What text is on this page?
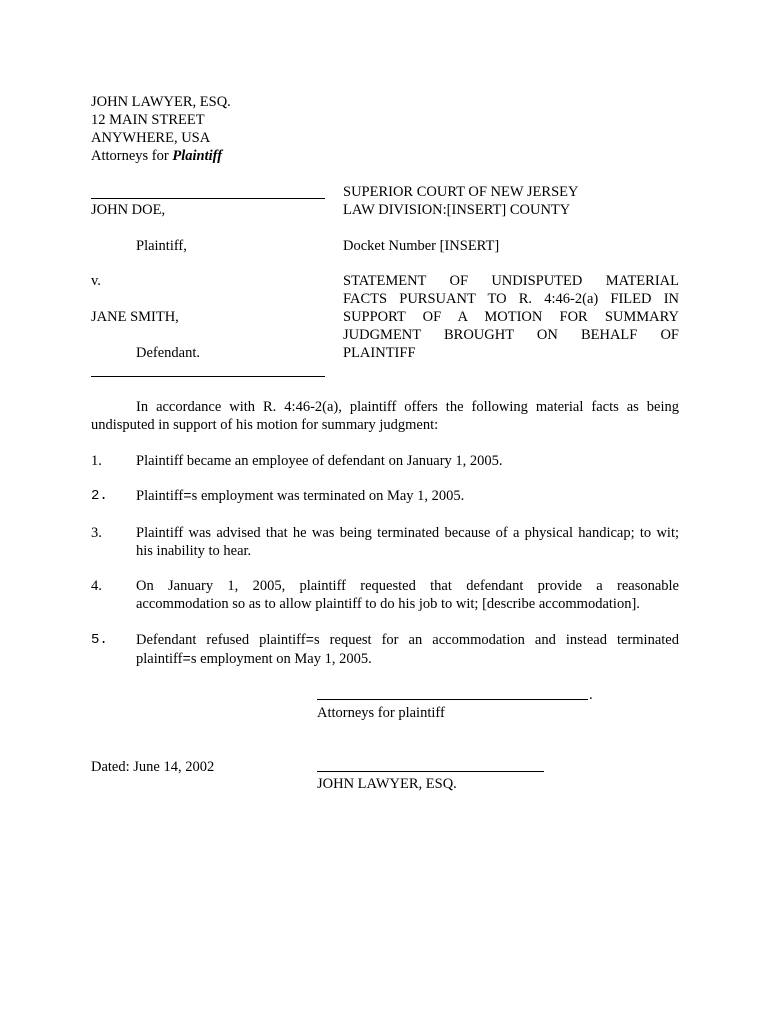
JOHN LAWYER, ESQ.
12 MAIN STREET
ANYWHERE, USA
Attorneys for Plaintiff
JOHN DOE,
Plaintiff,
v.
JANE SMITH,
Defendant.
SUPERIOR COURT OF NEW JERSEY
LAW DIVISION:[INSERT] COUNTY
Docket Number [INSERT]
STATEMENT OF UNDISPUTED MATERIAL
FACTS PURSUANT TO R. 4:46-2(a) FILED IN
SUPPORT OF A MOTION FOR SUMMARY
JUDGMENT BROUGHT ON BEHALF OF
PLAINTIFF
In accordance with R. 4:46-2(a), plaintiff offers the following material facts as being
undisputed in support of his motion for summary judgment:
1. Plaintiff became an employee of defendant on January 1, 2005.
2. Plaintiff=s employment was terminated on May 1, 2005.
3. Plaintiff was advised that he was being terminated because of a physical handicap; to wit;
his inability to hear.
4. On January 1, 2005, plaintiff requested that defendant provide a reasonable
accommodation so as to allow plaintiff to do his job to wit; [describe accommodation].
5. Defendant refused plaintiff=s request for an accommodation and instead terminated
plaintiff=s employment on May 1, 2005.
.
Attorneys for plaintiff
Dated: June 14, 2002
JOHN LAWYER, ESQ.
